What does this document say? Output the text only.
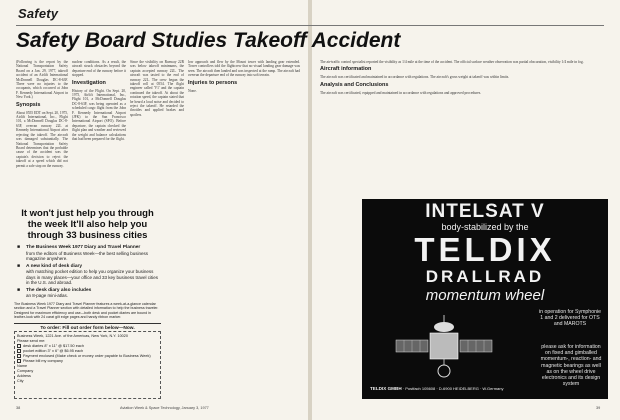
Safety
Safety Board Studies Takeoff Accident

(Following is the report by the National Transportation Safety Board on a Jan. 29, 1977, takeoff accident of an Airlift International McDonnell Douglas DC-8-63F. There were no injuries to the occupants, which occurred at John F. Kennedy International Airport in New York.)

Synopsis

About 0555 EDT on Sept. 20, 1975, Airlift International, Inc., Flight 101, a McDonnell Douglas DC-8-63F, overran runway 22L at Kennedy International Airport after rejecting the takeoff. The aircraft was damaged substantially. The National Transportation Safety Board determines that the probable cause of the accident was the captain's decision to reject the takeoff at a speed which did not permit a safe stop on the runway.

nuclear conditions. As a result, the aircraft struck obstacles beyond the departure end of the runway before it stopped.

Investigation

History of the Flight. On Sept. 20, 1975, Airlift International, Inc., Flight 101, a McDonnell Douglas DC-8-63F, was being operated as a scheduled cargo flight from the John F. Kennedy International Airport (JFK) to the San Francisco International Airport (SFO). Before departure, the captain checked the flight plan and weather and reviewed the weight and balance calculations that had been prepared for the flight.

Since the visibility on Runway 22R was below takeoff minimums, the captain accepted runway 22L. The aircraft was taxied to the end of runway 22L. The crew began the takeoff roll at 0554. The flight engineer called 'V1' and the captain continued the takeoff. At about the rotation speed, the captain stated that he heard a loud noise and decided to reject the takeoff. He retarded the throttles and applied brakes and spoilers.

low approach and flew by the Mount tower with landing gear extended. Tower controllers told the flightcrew that no visual landing gear damage was seen. The aircraft then landed and was inspected at the ramp. The aircraft had overrun the departure end of the runway into soft terrain.

Injuries to persons

None.

The air-traffic control specialist reported the visibility as 1/4 mile at the time of the accident. The official surface weather observation was partial obscuration, visibility 1/4 mile in fog.

Aircraft information

The aircraft was certificated and maintained in accordance with regulations. The aircraft's gross weight at takeoff was within limits.

Analysis and Conclusions

The aircraft was certificated, equipped and maintained in accordance with regulations and approved procedures.

It won't just help you through the week It'll also help you through 33 business cities
■ The Business Week 1977 Diary and Travel Planner
from the editors of Business Week—the best selling business magazine anywhere.
■ A new kind of desk diary
with matching pocket edition to help you organize your business days in many places—your office and 33 key business travel cities in the U.S. and abroad.
■ The desk diary also includes
an 8-page mini-atlas.
The Business Week 1977 Diary and Travel Planner features a week-at-a-glance calendar section and a Travel Planner section with detailed information to help the business traveler. Designed for maximum efficiency and use—both desk and pocket diaries are bound in leather-look with 24 carat gilt edge pages and handy ribbon marker.
To order: Fill out order form below—Now.
Business Week, 1221 Ave. of the Americas, New York, N.Y. 10020
Please send me:
desk diaries 8" x 11" @ $17.50 each
pocket edition 3" x 6" @ $6.95 each
Payment enclosed (Make check or money order payable to Business Week)
Please bill my company
Name
Company
Address
City
INTELSAT V
body-stabilized by the
TELDIX
DRALLRAD
momentum wheel
in operation for Symphonie 1 and 2 delivered for OTS and MAROTS
please ask for information on fixed and gimballed momentum-, reaction- and magnetic bearings as well as on the wheel drive electronics and its design system
TELDIX GMBH · Postfach 105608 · D-6900 HEIDELBERG · W.Germany
38	Aviation Week & Space Technology, January 3, 1977	39
